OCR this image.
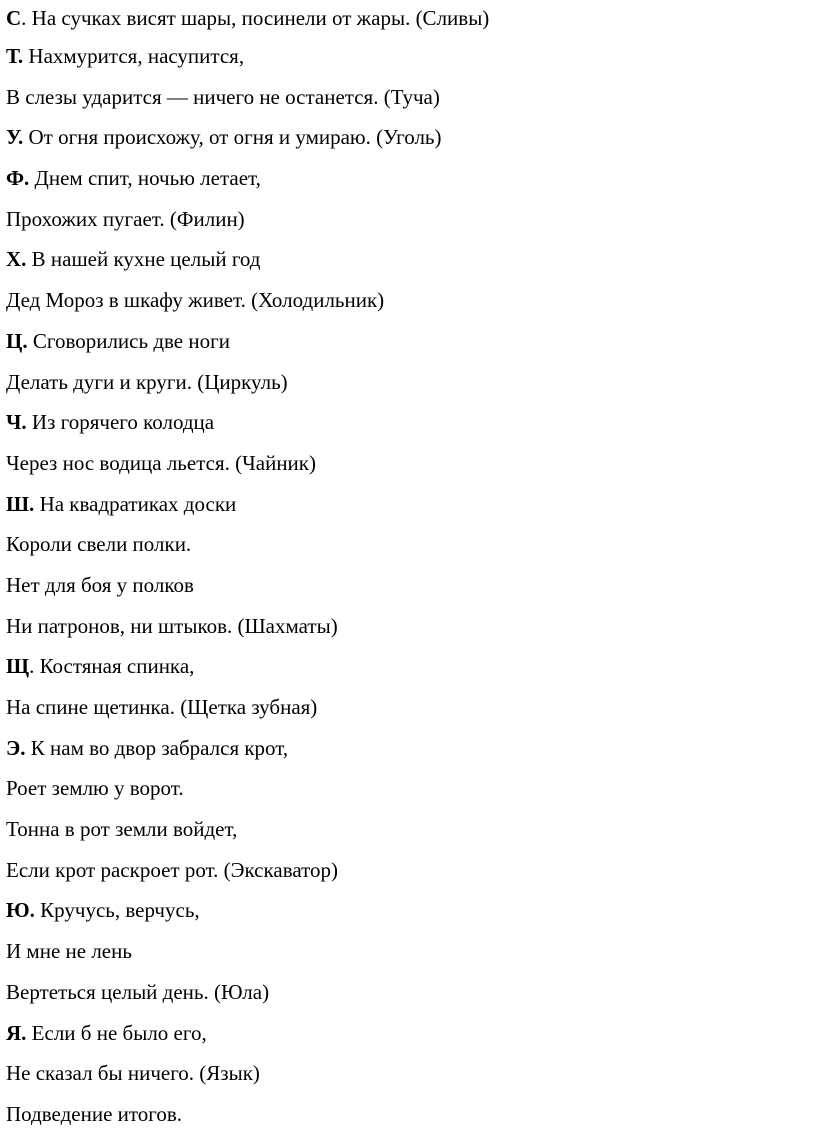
С. На сучках висят шары, посинели от жары. (Сливы)
Т. Нахмурится, насупится,
В слезы ударится — ничего не останется. (Туча)
У. От огня происхожу, от огня и умираю. (Уголь)
Ф. Днем спит, ночью летает,
Прохожих пугает. (Филин)
Х. В нашей кухне целый год
Дед Мороз в шкафу живет. (Холодильник)
Ц. Сговорились две ноги
Делать дуги и круги. (Циркуль)
Ч. Из горячего колодца
Через нос водица льется. (Чайник)
Ш. На квадратиках доски
Короли свели полки.
Нет для боя у полков
Ни патронов, ни штыков. (Шахматы)
Щ. Костяная спинка,
На спине щетинка. (Щетка зубная)
Э. К нам во двор забрался крот,
Роет землю у ворот.
Тонна в рот земли войдет,
Если крот раскроет рот. (Экскаватор)
Ю. Кручусь, верчусь,
И мне не лень
Вертеться целый день. (Юла)
Я. Если б не было его,
Не сказал бы ничего. (Язык)
Подведение итогов.
